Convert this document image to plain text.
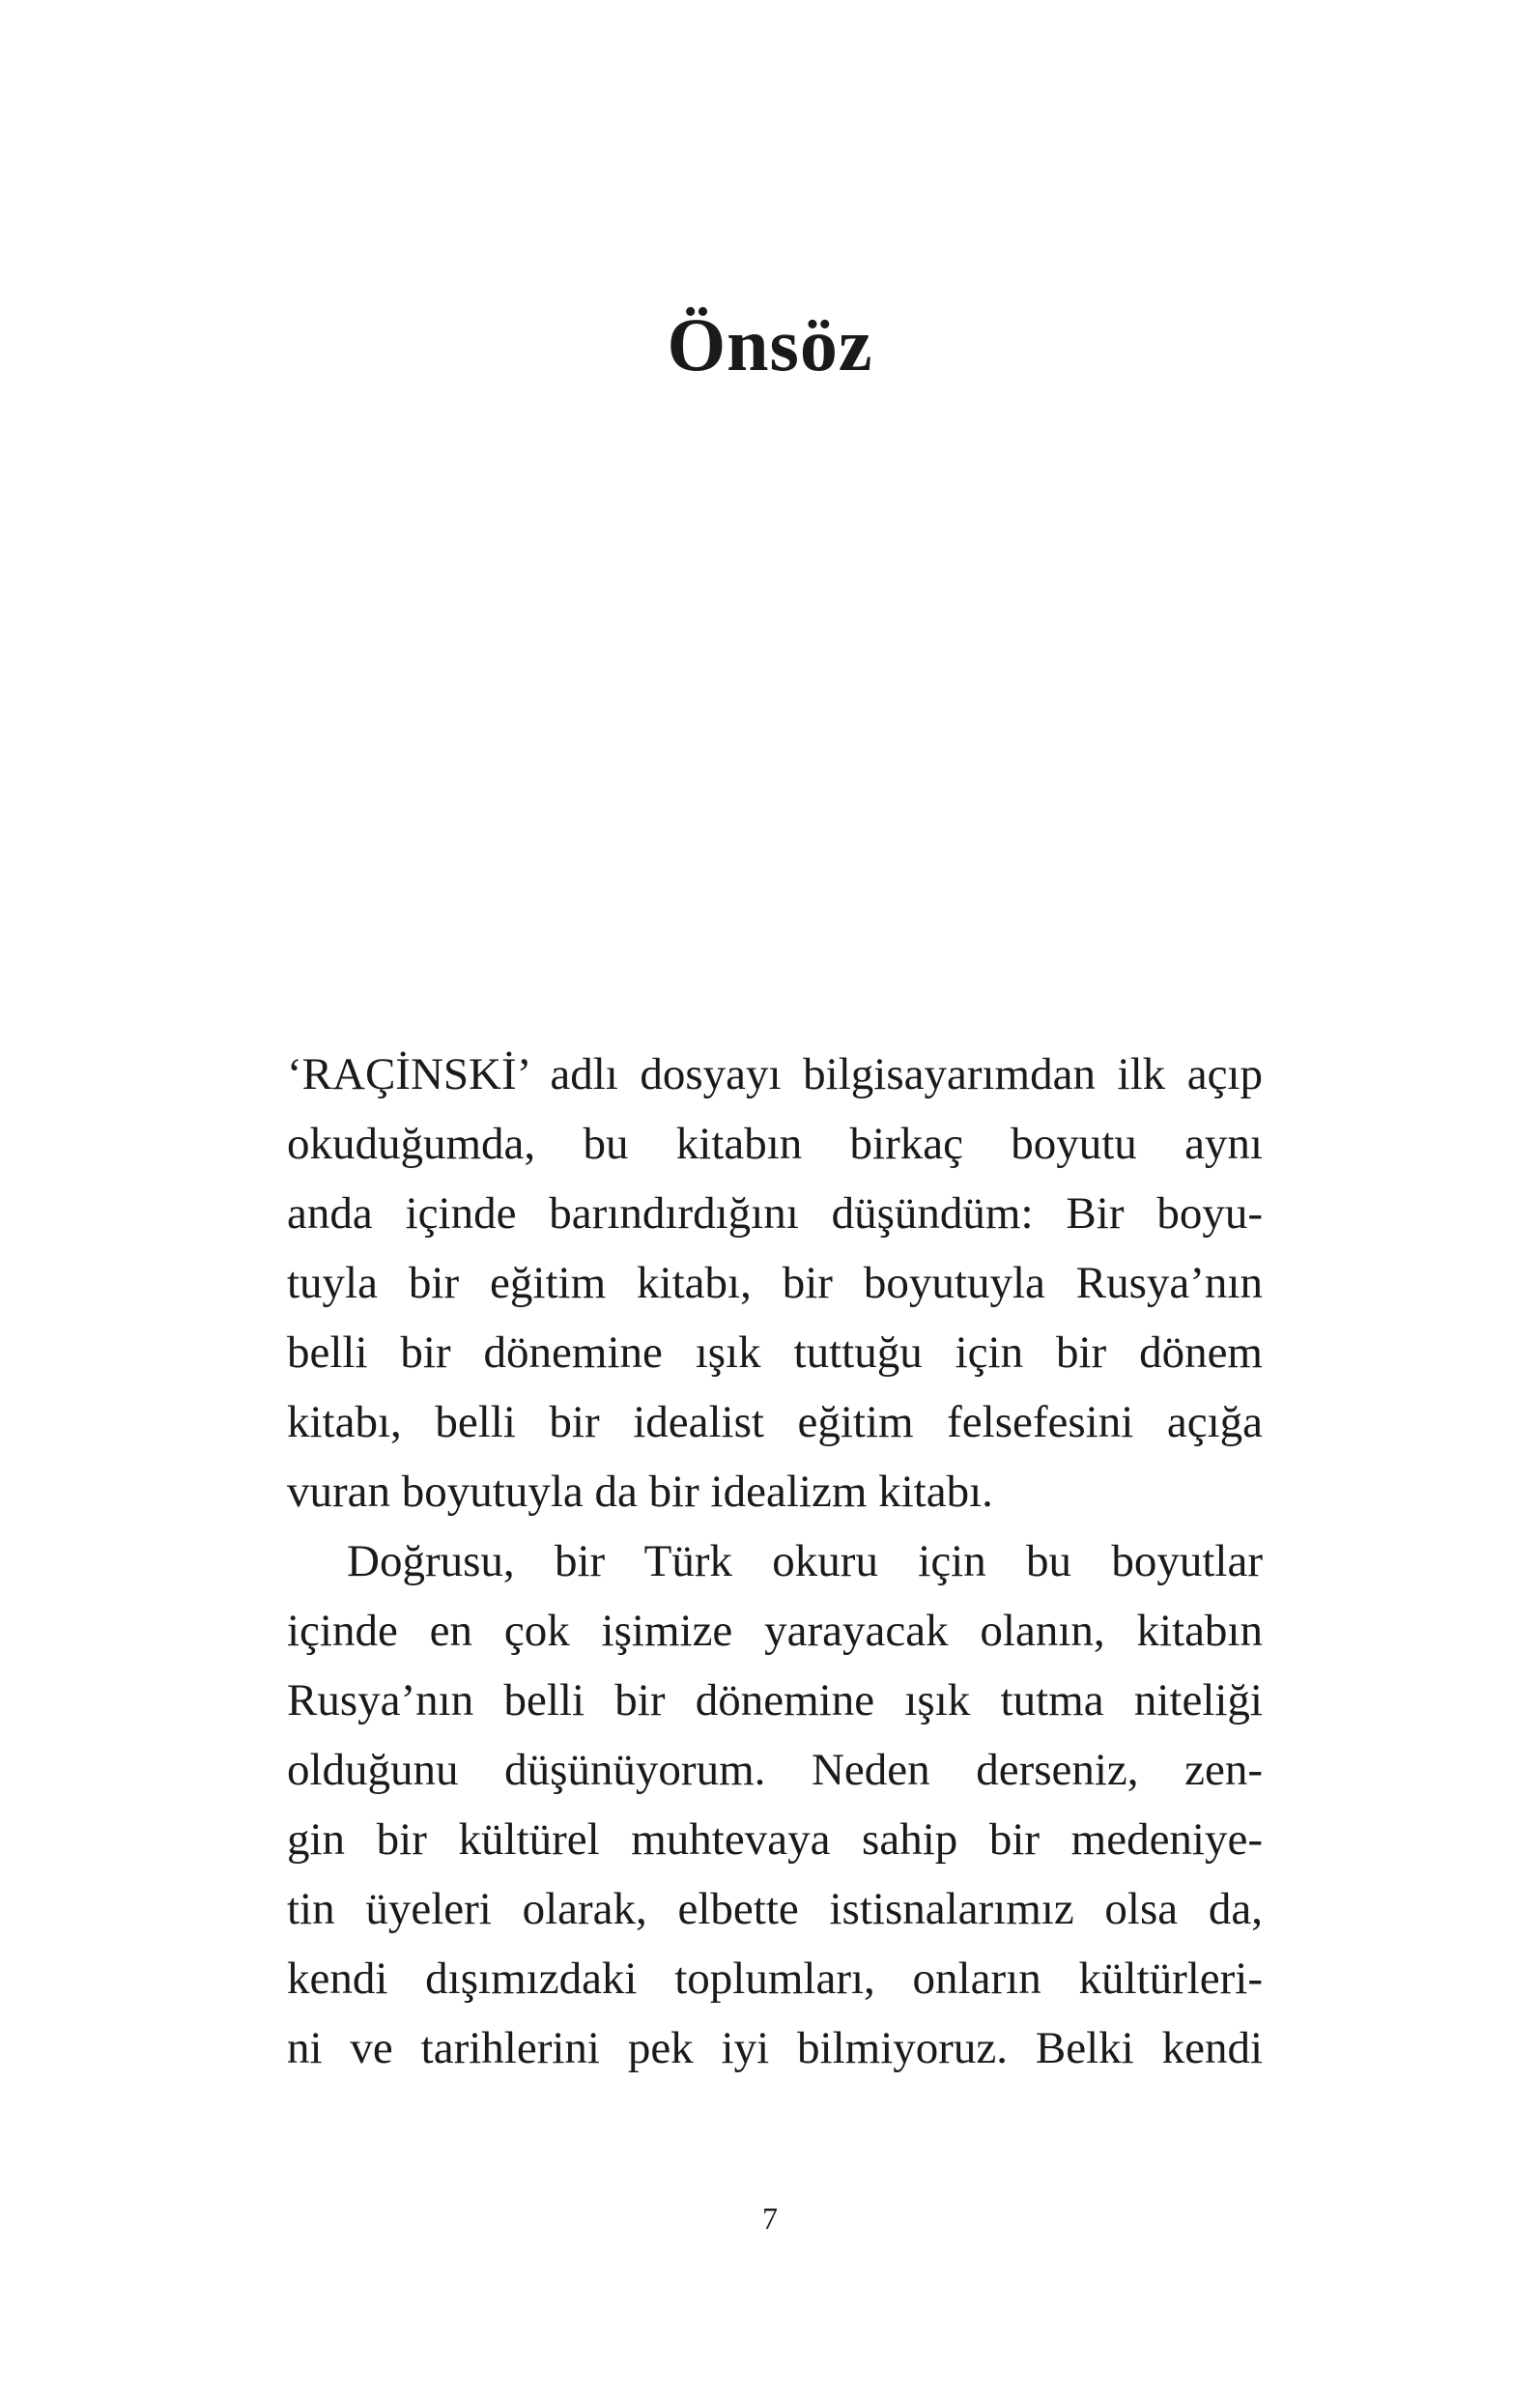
Önsöz
‘RAÇİNSKİ’ adlı dosyayı bilgisayarımdan ilk açıp
okuduğumda, bu kitabın birkaç boyutu aynı
anda içinde barındırdığını düşündüm: Bir boyu-
tuyla bir eğitim kitabı, bir boyutuyla Rusya’nın
belli bir dönemine ışık tuttuğu için bir dönem
kitabı, belli bir idealist eğitim felsefesini açığa
vuran boyutuyla da bir idealizm kitabı.
Doğrusu, bir Türk okuru için bu boyutlar
içinde en çok işimize yarayacak olanın, kitabın
Rusya’nın belli bir dönemine ışık tutma niteliği
olduğunu düşünüyorum. Neden derseniz, zen-
gin bir kültürel muhtevaya sahip bir medeniye-
tin üyeleri olarak, elbette istisnalarımız olsa da,
kendi dışımızdaki toplumları, onların kültürleri-
ni ve tarihlerini pek iyi bilmiyoruz. Belki kendi
7
